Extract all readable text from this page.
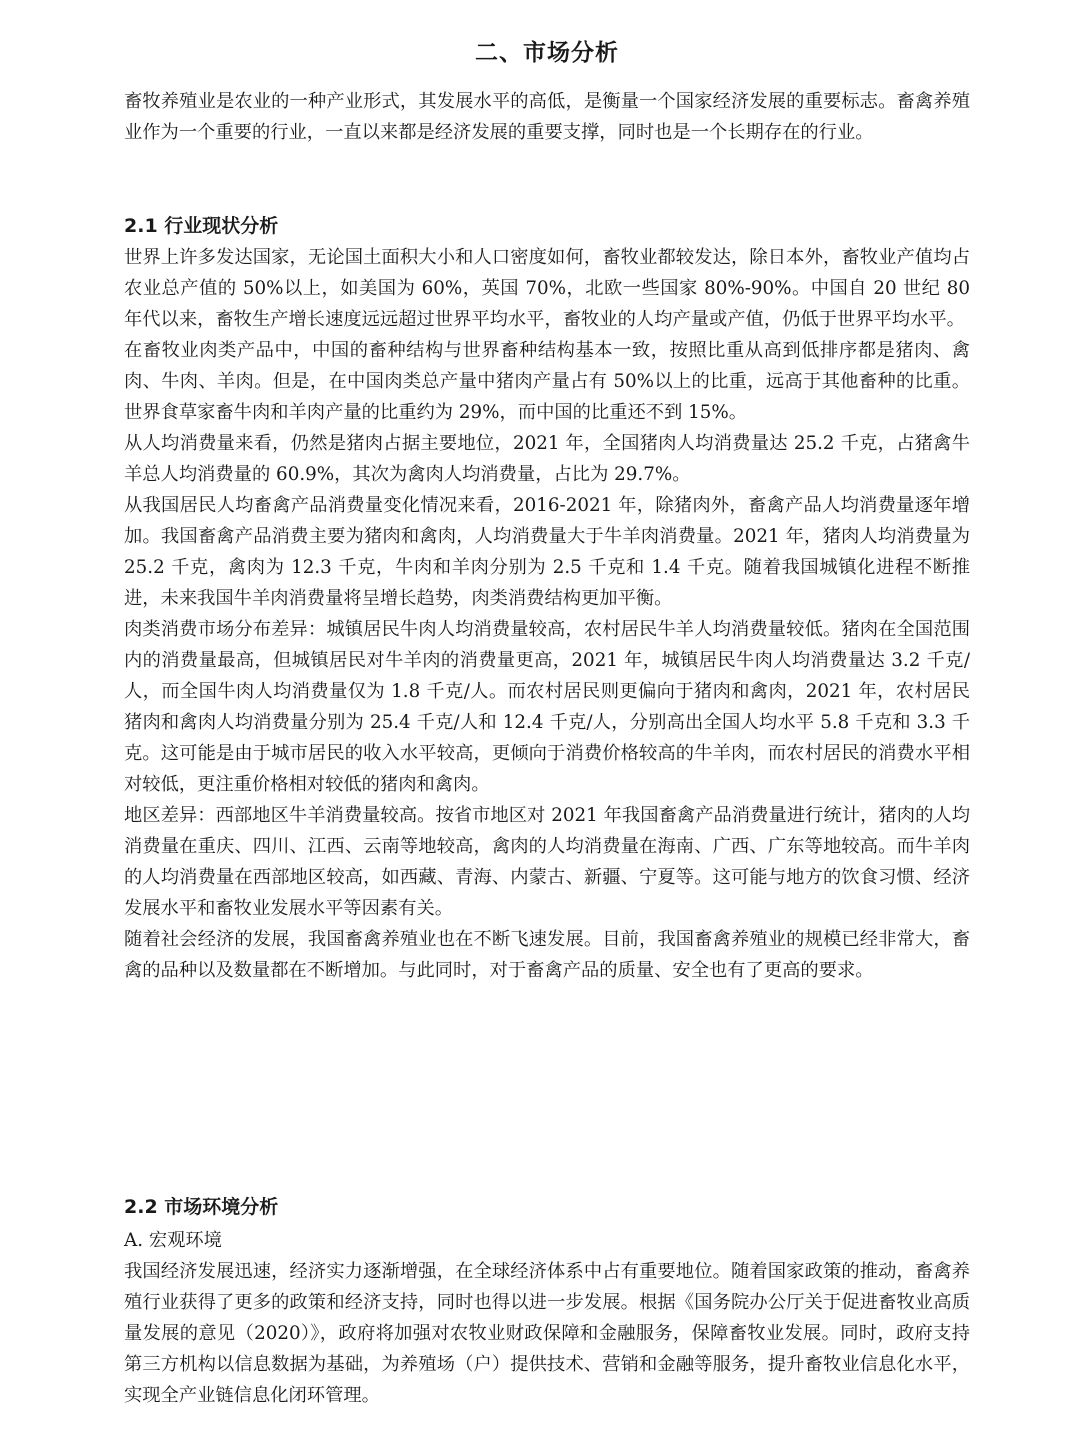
二、市场分析

畜牧养殖业是农业的一种产业形式，其发展水平的高低，是衡量一个国家经济发展的重要标志。畜禽养殖业作为一个重要的行业，一直以来都是经济发展的重要支撑，同时也是一个长期存在的行业。

2.1 行业现状分析

世界上许多发达国家，无论国土面积大小和人口密度如何，畜牧业都较发达，除日本外，畜牧业产值均占农业总产值的 50%以上，如美国为 60%，英国 70%，北欧一些国家 80%-90%。中国自 20 世纪 80 年代以来，畜牧生产增长速度远远超过世界平均水平，畜牧业的人均产量或产值，仍低于世界平均水平。

在畜牧业肉类产品中，中国的畜种结构与世界畜种结构基本一致，按照比重从高到低排序都是猪肉、禽肉、牛肉、羊肉。但是，在中国肉类总产量中猪肉产量占有 50%以上的比重，远高于其他畜种的比重。世界食草家畜牛肉和羊肉产量的比重约为 29%，而中国的比重还不到 15%。

从人均消费量来看，仍然是猪肉占据主要地位，2021 年，全国猪肉人均消费量达 25.2 千克，占猪禽牛羊总人均消费量的 60.9%，其次为禽肉人均消费量，占比为 29.7%。

从我国居民人均畜禽产品消费量变化情况来看，2016-2021 年，除猪肉外，畜禽产品人均消费量逐年增加。我国畜禽产品消费主要为猪肉和禽肉，人均消费量大于牛羊肉消费量。2021 年，猪肉人均消费量为 25.2 千克，禽肉为 12.3 千克，牛肉和羊肉分别为 2.5 千克和 1.4 千克。随着我国城镇化进程不断推进，未来我国牛羊肉消费量将呈增长趋势，肉类消费结构更加平衡。

肉类消费市场分布差异：城镇居民牛肉人均消费量较高，农村居民牛羊人均消费量较低。猪肉在全国范围内的消费量最高，但城镇居民对牛羊肉的消费量更高，2021 年，城镇居民牛肉人均消费量达 3.2 千克/人，而全国牛肉人均消费量仅为 1.8 千克/人。而农村居民则更偏向于猪肉和禽肉，2021 年，农村居民猪肉和禽肉人均消费量分别为 25.4 千克/人和 12.4 千克/人，分别高出全国人均水平 5.8 千克和 3.3 千克。这可能是由于城市居民的收入水平较高，更倾向于消费价格较高的牛羊肉，而农村居民的消费水平相对较低，更注重价格相对较低的猪肉和禽肉。

地区差异：西部地区牛羊消费量较高。按省市地区对 2021 年我国畜禽产品消费量进行统计，猪肉的人均消费量在重庆、四川、江西、云南等地较高，禽肉的人均消费量在海南、广西、广东等地较高。而牛羊肉的人均消费量在西部地区较高，如西藏、青海、内蒙古、新疆、宁夏等。这可能与地方的饮食习惯、经济发展水平和畜牧业发展水平等因素有关。

随着社会经济的发展，我国畜禽养殖业也在不断飞速发展。目前，我国畜禽养殖业的规模已经非常大，畜禽的品种以及数量都在不断增加。与此同时，对于畜禽产品的质量、安全也有了更高的要求。

2.2 市场环境分析

A. 宏观环境

我国经济发展迅速，经济实力逐渐增强，在全球经济体系中占有重要地位。随着国家政策的推动，畜禽养殖行业获得了更多的政策和经济支持，同时也得以进一步发展。根据《国务院办公厅关于促进畜牧业高质量发展的意见（2020）》，政府将加强对农牧业财政保障和金融服务，保障畜牧业发展。同时，政府支持第三方机构以信息数据为基础，为养殖场（户）提供技术、营销和金融等服务，提升畜牧业信息化水平，实现全产业链信息化闭环管理。
